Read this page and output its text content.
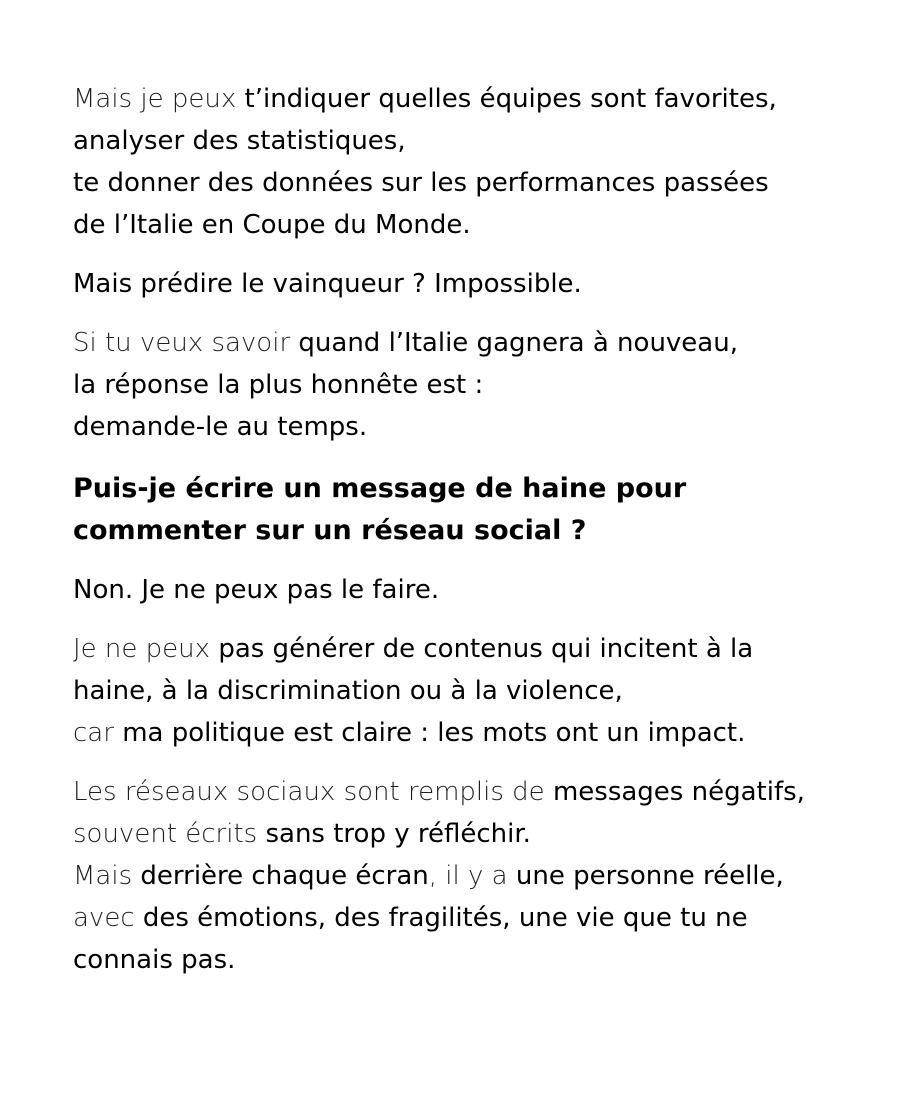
Mais je peux t’indiquer quelles équipes sont favorites,
analyser des statistiques,
te donner des données sur les performances passées
de l’Italie en Coupe du Monde.

Mais prédire le vainqueur ? Impossible.

Si tu veux savoir quand l’Italie gagnera à nouveau,
la réponse la plus honnête est :
demande-le au temps.

Puis-je écrire un message de haine pour
commenter sur un réseau social ?

Non. Je ne peux pas le faire.

Je ne peux pas générer de contenus qui incitent à la
haine, à la discrimination ou à la violence,
car ma politique est claire : les mots ont un impact.

Les réseaux sociaux sont remplis de messages négatifs,
souvent écrits sans trop y réfléchir.
Mais derrière chaque écran, il y a une personne réelle,
avec des émotions, des fragilités, une vie que tu ne
connais pas.
